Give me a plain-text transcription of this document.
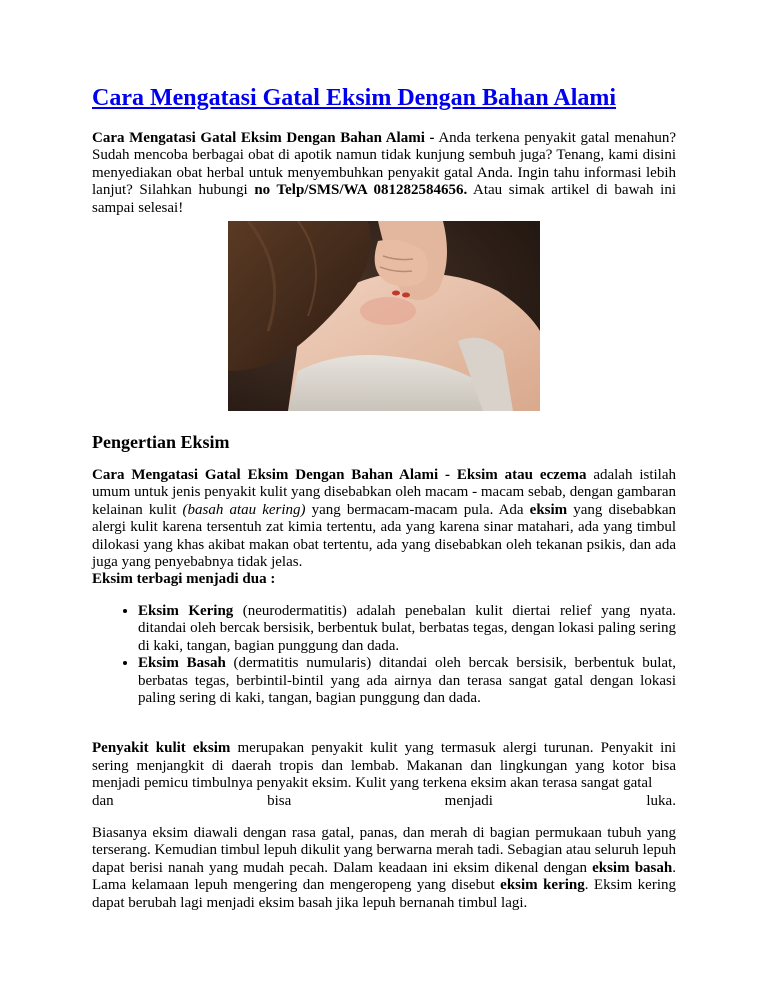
Cara Mengatasi Gatal Eksim Dengan Bahan Alami

Cara Mengatasi Gatal Eksim Dengan Bahan Alami - Anda terkena penyakit gatal menahun? Sudah mencoba berbagai obat di apotik namun tidak kunjung sembuh juga? Tenang, kami disini menyediakan obat herbal untuk menyembuhkan penyakit gatal Anda. Ingin tahu informasi lebih lanjut? Silahkan hubungi no Telp/SMS/WA 081282584656. Atau simak artikel di bawah ini sampai selesai!

Pengertian Eksim

Cara Mengatasi Gatal Eksim Dengan Bahan Alami - Eksim atau eczema adalah istilah umum untuk jenis penyakit kulit yang disebabkan oleh macam - macam sebab, dengan gambaran kelainan kulit (basah atau kering) yang bermacam-macam pula. Ada eksim yang disebabkan alergi kulit karena tersentuh zat kimia tertentu, ada yang karena sinar matahari, ada yang timbul dilokasi yang khas akibat makan obat tertentu, ada yang disebabkan oleh tekanan psikis, dan ada juga yang penyebabnya tidak jelas.

Eksim terbagi menjadi dua :

• Eksim Kering (neurodermatitis) adalah penebalan kulit diertai relief yang nyata. ditandai oleh bercak bersisik, berbentuk bulat, berbatas tegas, dengan lokasi paling sering di kaki, tangan, bagian punggung dan dada.
• Eksim Basah (dermatitis numularis) ditandai oleh bercak bersisik, berbentuk bulat, berbatas tegas, berbintil-bintil yang ada airnya dan terasa sangat gatal dengan lokasi paling sering di kaki, tangan, bagian punggung dan dada.

Penyakit kulit eksim merupakan penyakit kulit yang termasuk alergi turunan. Penyakit ini sering menjangkit di daerah tropis dan lembab. Makanan dan lingkungan yang kotor bisa menjadi pemicu timbulnya penyakit eksim. Kulit yang terkena eksim akan terasa sangat gatal

dan	bisa	menjadi	luka.

Biasanya eksim diawali dengan rasa gatal, panas, dan merah di bagian permukaan tubuh yang terserang. Kemudian timbul lepuh dikulit yang berwarna merah tadi. Sebagian atau seluruh lepuh dapat berisi nanah yang mudah pecah. Dalam keadaan ini eksim dikenal dengan eksim basah. Lama kelamaan lepuh mengering dan mengeropeng yang disebut eksim kering. Eksim kering dapat berubah lagi menjadi eksim basah jika lepuh bernanah timbul lagi.
